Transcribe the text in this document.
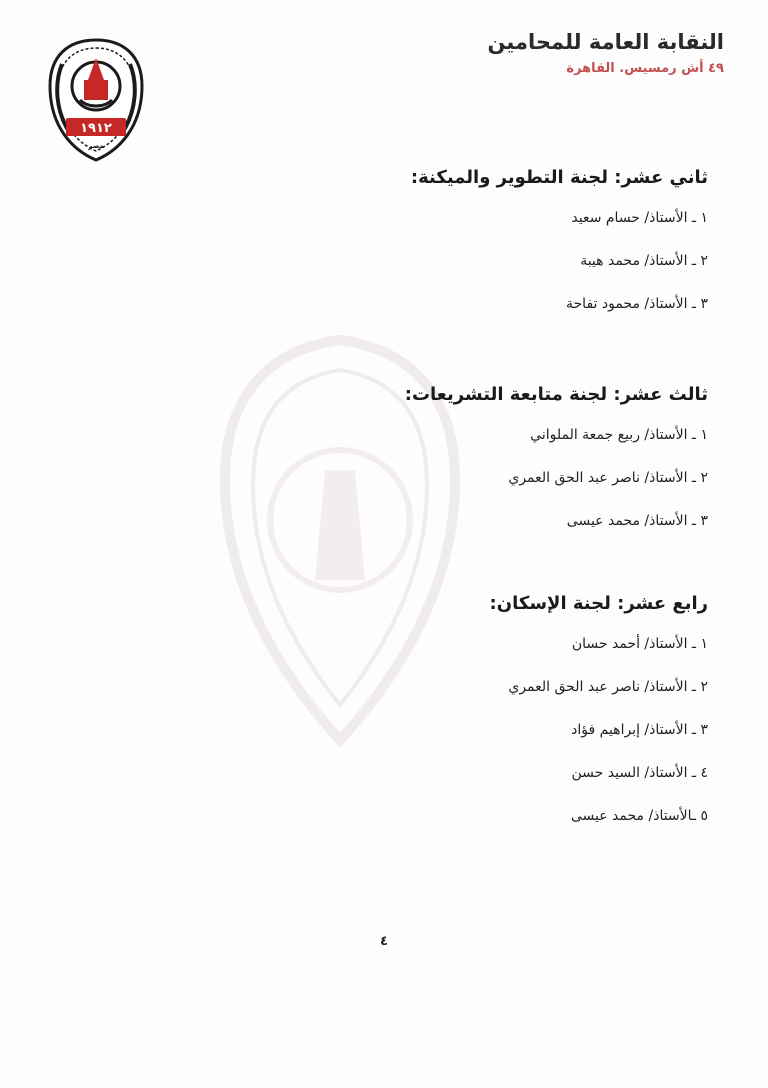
١٩١٢
مصر
النقابة العامة للمحامين
٤٩ أش رمسيس. القاهرة
ثاني عشر: لجنة التطوير والميكنة:
١ ـ الأستاذ/ حسام سعيد
٢ ـ الأستاذ/ محمد هيبة
٣ ـ الأستاذ/ محمود تفاحة
ثالث عشر: لجنة متابعة التشريعات:
١ ـ الأستاذ/ ربيع جمعة الملواني
٢ ـ الأستاذ/ ناصر عبد الحق العمري
٣ ـ الأستاذ/ محمد عيسى
رابع عشر: لجنة الإسكان:
١ ـ الأستاذ/ أحمد حسان
٢ ـ الأستاذ/ ناصر عبد الحق العمري
٣ ـ الأستاذ/ إبراهيم فؤاد
٤ ـ الأستاذ/ السيد حسن
٥ ـالأستاذ/ محمد عيسى
٤
